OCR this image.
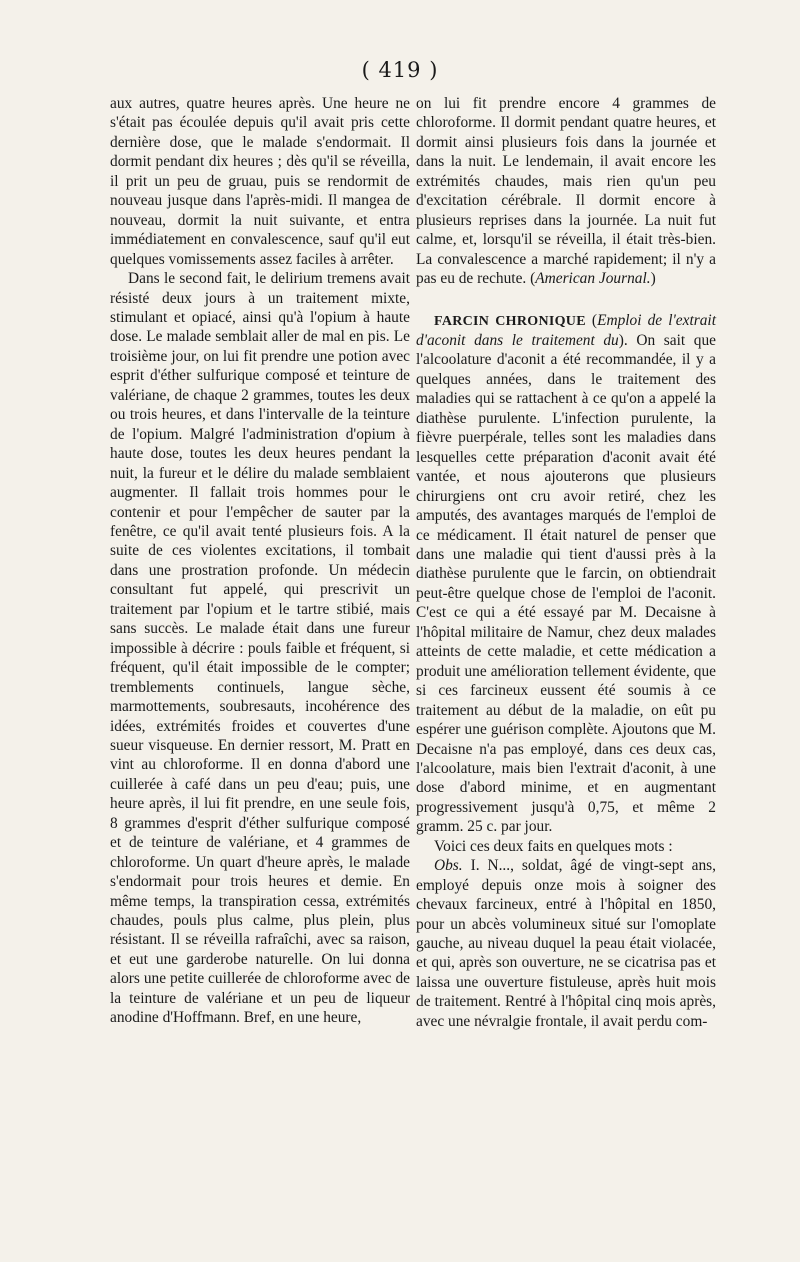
( 419 )

aux autres, quatre heures après. Une heure ne s'était pas écoulée depuis qu'il avait pris cette dernière dose, que le malade s'endormait. Il dormit pendant dix heures ; dès qu'il se réveilla, il prit un peu de gruau, puis se rendormit de nouveau jusque dans l'après-midi. Il mangea de nouveau, dormit la nuit suivante, et entra immédiatement en convalescence, sauf qu'il eut quelques vomissements assez faciles à arrêter.

Dans le second fait, le delirium tremens avait résisté deux jours à un traitement mixte, stimulant et opiacé, ainsi qu'à l'opium à haute dose. Le malade semblait aller de mal en pis. Le troisième jour, on lui fit prendre une potion avec esprit d'éther sulfurique composé et teinture de valériane, de chaque 2 grammes, toutes les deux ou trois heures, et dans l'intervalle de la teinture de l'opium. Malgré l'administration d'opium à haute dose, toutes les deux heures pendant la nuit, la fureur et le délire du malade semblaient augmenter. Il fallait trois hommes pour le contenir et pour l'empêcher de sauter par la fenêtre, ce qu'il avait tenté plusieurs fois. A la suite de ces violentes excitations, il tombait dans une prostration profonde. Un médecin consultant fut appelé, qui prescrivit un traitement par l'opium et le tartre stibié, mais sans succès. Le malade était dans une fureur impossible à décrire : pouls faible et fréquent, si fréquent, qu'il était impossible de le compter; tremblements continuels, langue sèche, marmottements, soubresauts, incohérence des idées, extrémités froides et couvertes d'une sueur visqueuse. En dernier ressort, M. Pratt en vint au chloroforme. Il en donna d'abord une cuillerée à café dans un peu d'eau; puis, une heure après, il lui fit prendre, en une seule fois, 8 grammes d'esprit d'éther sulfurique composé et de teinture de valériane, et 4 grammes de chloroforme. Un quart d'heure après, le malade s'endormait pour trois heures et demie. En même temps, la transpiration cessa, extrémités chaudes, pouls plus calme, plus plein, plus résistant. Il se réveilla rafraîchi, avec sa raison, et eut une garderobe naturelle. On lui donna alors une petite cuillerée de chloroforme avec de la teinture de valériane et un peu de liqueur anodine d'Hoffmann. Bref, en une heure,

on lui fit prendre encore 4 grammes de chloroforme. Il dormit pendant quatre heures, et dormit ainsi plusieurs fois dans la journée et dans la nuit. Le lendemain, il avait encore les extrémités chaudes, mais rien qu'un peu d'excitation cérébrale. Il dormit encore à plusieurs reprises dans la journée. La nuit fut calme, et, lorsqu'il se réveilla, il était très-bien. La convalescence a marché rapidement; il n'y a pas eu de rechute. (American Journal.)

FARCIN CHRONIQUE (Emploi de l'extrait d'aconit dans le traitement du). On sait que l'alcoolature d'aconit a été recommandée, il y a quelques années, dans le traitement des maladies qui se rattachent à ce qu'on a appelé la diathèse purulente. L'infection purulente, la fièvre puerpérale, telles sont les maladies dans lesquelles cette préparation d'aconit avait été vantée, et nous ajouterons que plusieurs chirurgiens ont cru avoir retiré, chez les amputés, des avantages marqués de l'emploi de ce médicament. Il était naturel de penser que dans une maladie qui tient d'aussi près à la diathèse purulente que le farcin, on obtiendrait peut-être quelque chose de l'emploi de l'aconit. C'est ce qui a été essayé par M. Decaisne à l'hôpital militaire de Namur, chez deux malades atteints de cette maladie, et cette médication a produit une amélioration tellement évidente, que si ces farcineux eussent été soumis à ce traitement au début de la maladie, on eût pu espérer une guérison complète. Ajoutons que M. Decaisne n'a pas employé, dans ces deux cas, l'alcoolature, mais bien l'extrait d'aconit, à une dose d'abord minime, et en augmentant progressivement jusqu'à 0,75, et même 2 gramm. 25 c. par jour.

Voici ces deux faits en quelques mots :

Obs. I. N..., soldat, âgé de vingt-sept ans, employé depuis onze mois à soigner des chevaux farcineux, entré à l'hôpital en 1850, pour un abcès volumineux situé sur l'omoplate gauche, au niveau duquel la peau était violacée, et qui, après son ouverture, ne se cicatrisa pas et laissa une ouverture fistuleuse, après huit mois de traitement. Rentré à l'hôpital cinq mois après, avec une névralgie frontale, il avait perdu com-
